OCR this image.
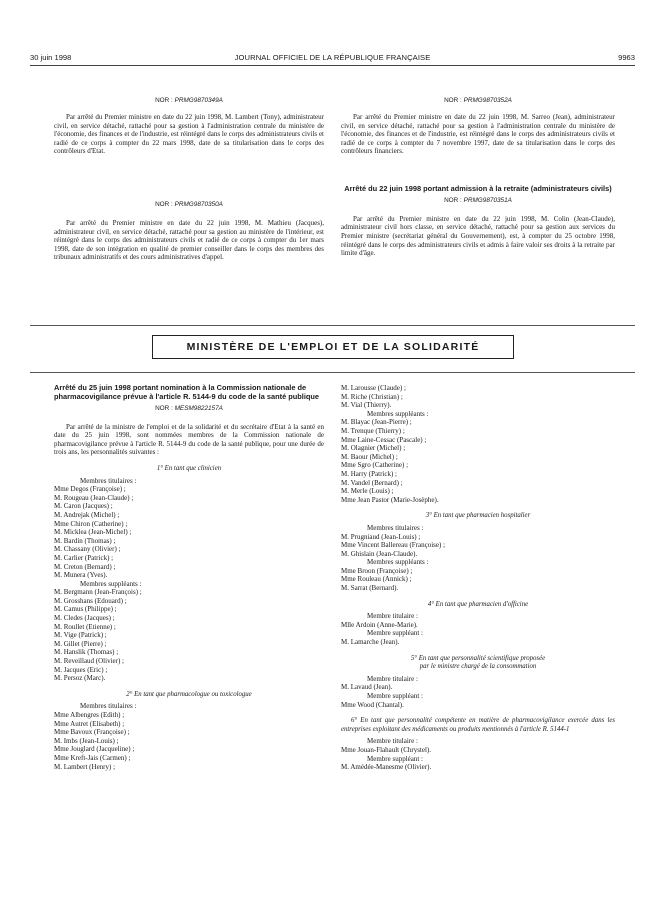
30 juin 1998	JOURNAL OFFICIEL DE LA RÉPUBLIQUE FRANÇAISE	9963
NOR : PRMG9870349A

Par arrêté du Premier ministre en date du 22 juin 1998, M. Lambert (Tony), administrateur civil, en service détaché, rattaché pour sa gestion à l'administration centrale du ministère de l'économie, des finances et de l'industrie, est réintégré dans le corps des administrateurs civils et radié de ce corps à compter du 22 mars 1998, date de sa titularisation dans le corps des contrôleurs d'Etat.

NOR : PRMG9870350A

Par arrêté du Premier ministre en date du 22 juin 1998, M. Mathieu (Jacques), administrateur civil, en service détaché, rattaché pour sa gestion au ministère de l'intérieur, est réintégré dans le corps des administrateurs civils et radié de ce corps à compter du 1er mars 1998, date de son intégration en qualité de premier conseiller dans le corps des membres des tribunaux administratifs et des cours administratives d'appel.

NOR : PRMG9870352A

Par arrêté du Premier ministre en date du 22 juin 1998, M. Sarreo (Jean), administrateur civil, en service détaché, rattaché pour sa gestion à l'administration centrale du ministère de l'économie, des finances et de l'industrie, est réintégré dans le corps des administrateurs civils et radié de ce corps à compter du 7 novembre 1997, date de sa titularisation dans le corps des contrôleurs financiers.

Arrêté du 22 juin 1998 portant admission à la retraite (administrateurs civils)
NOR : PRMG9870351A

Par arrêté du Premier ministre en date du 22 juin 1998, M. Colin (Jean-Claude), administrateur civil hors classe, en service détaché, rattaché pour sa gestion aux services du Premier ministre (secrétariat général du Gouvernement), est, à compter du 25 octobre 1998, réintégré dans le corps des administrateurs civils et admis à faire valoir ses droits à la retraite par limite d'âge.

MINISTÈRE DE L'EMPLOI ET DE LA SOLIDARITÉ
Arrêté du 25 juin 1998 portant nomination à la Commission nationale de pharmacovigilance prévue à l'article R. 5144-9 du code de la santé publique
NOR : MESM9822157A

Par arrêté de la ministre de l'emploi et de la solidarité et du secrétaire d'Etat à la santé en date du 25 juin 1998, sont nommées membres de la Commission nationale de pharmacovigilance prévue à l'article R. 5144-9 du code de la santé publique, pour une durée de trois ans, les personnalités suivantes :

1° En tant que clinicien
Membres titulaires :
Mme Degos (Françoise) ;
M. Rougeau (Jean-Claude) ;
M. Caron (Jacques) ;
M. Andrejak (Michel) ;
Mme Chiron (Catherine) ;
M. Micklea (Jean-Michel) ;
M. Bardin (Thomas) ;
M. Chassany (Olivier) ;
M. Carlier (Patrick) ;
M. Creton (Bernard) ;
M. Munera (Yves).
Membres suppléants :
M. Bergmann (Jean-François) ;
M. Grosshans (Edouard) ;
M. Camus (Philippe) ;
M. Cledes (Jacques) ;
M. Roullet (Etienne) ;
M. Vige (Patrick) ;
M. Gillet (Pierre) ;
M. Hanslik (Thomas) ;
M. Reveillaud (Olivier) ;
M. Jacques (Eric) ;
M. Persoz (Marc).
2° En tant que pharmacologue ou toxicologue
Membres titulaires :
Mme Albengres (Edith) ;
Mme Autret (Elisabeth) ;
Mme Bavoux (Françoise) ;
M. Imbs (Jean-Louis) ;
Mme Jouglard (Jacqueline) ;
Mme Kreft-Jais (Carmen) ;
M. Lambert (Henry) ;
M. Larousse (Claude) ;
M. Riche (Christian) ;
M. Vial (Thierry).
Membres suppléants :
M. Blayac (Jean-Pierre) ;
M. Trenque (Thierry) ;
Mme Laine-Cessac (Pascale) ;
M. Olagnier (Michel) ;
M. Baour (Michel) ;
Mme Sgro (Catherine) ;
M. Harry (Patrick) ;
M. Vandel (Bernard) ;
M. Merle (Louis) ;
Mme Jean Pastor (Marie-Josèphe).
3° En tant que pharmacien hospitalier
Membres titulaires :
M. Prugniaud (Jean-Louis) ;
Mme Vincent Ballereau (Françoise) ;
M. Ghislain (Jean-Claude).
Membres suppléants :
Mme Broon (Françoise) ;
Mme Rouleau (Annick) ;
M. Sarrat (Bernard).
4° En tant que pharmacien d'officine
Membre titulaire :
Mlle Ardoin (Anne-Marie).
Membre suppléant :
M. Lamarche (Jean).
5° En tant que personnalité scientifique proposée
par le ministre chargé de la consommation
Membre titulaire :
M. Lavaud (Jean).
Membre suppléant :
Mme Wood (Chantal).
6° En tant que personnalité compétente en matière de pharmacovigilance exercée dans les entreprises exploitant des médicaments ou produits mentionnés à l'article R. 5144-1
Membre titulaire :
Mme Jouan-Flahault (Chrystel).
Membre suppléant :
M. Amédée-Manesme (Olivier).
